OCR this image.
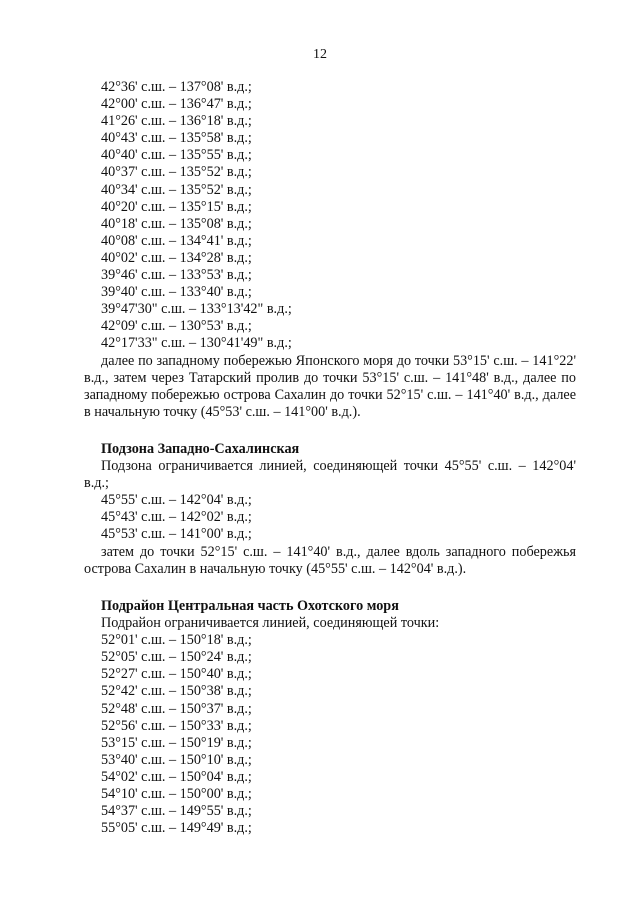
12
42°36' с.ш. – 137°08' в.д.;
42°00' с.ш. – 136°47' в.д.;
41°26' с.ш. – 136°18' в.д.;
40°43' с.ш. – 135°58' в.д.;
40°40' с.ш. – 135°55' в.д.;
40°37' с.ш. – 135°52' в.д.;
40°34' с.ш. – 135°52' в.д.;
40°20' с.ш. – 135°15' в.д.;
40°18' с.ш. – 135°08' в.д.;
40°08' с.ш. – 134°41' в.д.;
40°02' с.ш. – 134°28' в.д.;
39°46' с.ш. – 133°53' в.д.;
39°40' с.ш. – 133°40' в.д.;
39°47'30" с.ш. – 133°13'42" в.д.;
42°09' с.ш. – 130°53' в.д.;
42°17'33" с.ш. – 130°41'49" в.д.;

далее по западному побережью Японского моря до точки 53°15' с.ш. – 141°22' в.д., затем через Татарский пролив до точки 53°15' с.ш. – 141°48' в.д., далее по западному побережью острова Сахалин до точки 52°15' с.ш. – 141°40' в.д., далее в начальную точку (45°53' с.ш. – 141°00' в.д.).

Подзона Западно-Сахалинская

Подзона ограничивается линией, соединяющей точки 45°55' с.ш. – 142°04' в.д.;

45°55' с.ш. – 142°04' в.д.;
45°43' с.ш. – 142°02' в.д.;
45°53' с.ш. – 141°00' в.д.;

затем до точки 52°15' с.ш. – 141°40' в.д., далее вдоль западного побережья острова Сахалин в начальную точку (45°55' с.ш. – 142°04' в.д.).

Подрайон Центральная часть Охотского моря
Подрайон ограничивается линией, соединяющей точки:
52°01' с.ш. – 150°18' в.д.;
52°05' с.ш. – 150°24' в.д.;
52°27' с.ш. – 150°40' в.д.;
52°42' с.ш. – 150°38' в.д.;
52°48' с.ш. – 150°37' в.д.;
52°56' с.ш. – 150°33' в.д.;
53°15' с.ш. – 150°19' в.д.;
53°40' с.ш. – 150°10' в.д.;
54°02' с.ш. – 150°04' в.д.;
54°10' с.ш. – 150°00' в.д.;
54°37' с.ш. – 149°55' в.д.;
55°05' с.ш. – 149°49' в.д.;
